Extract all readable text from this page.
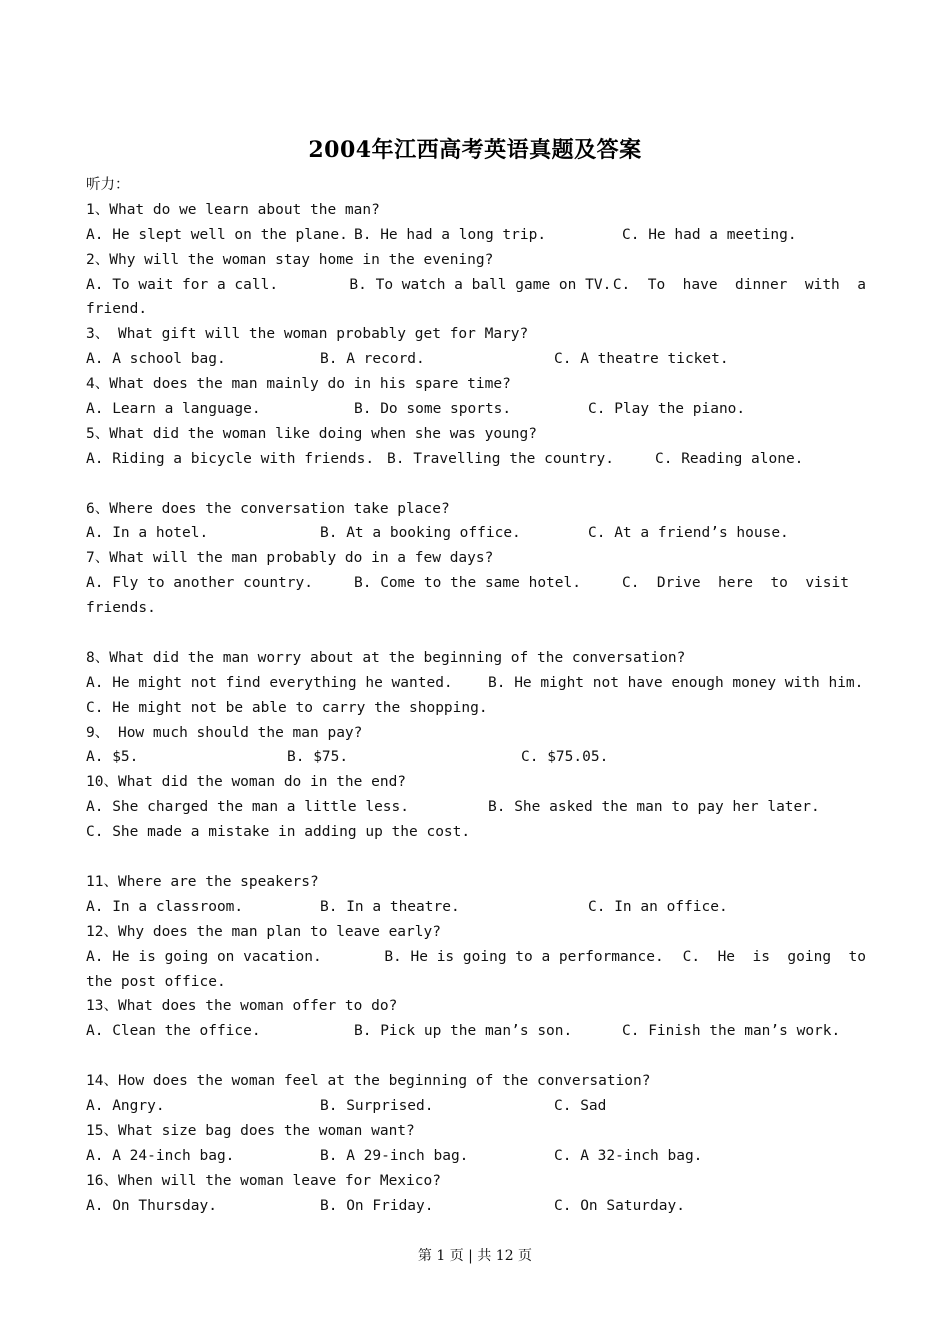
2004年江西高考英语真题及答案
听力：
1、What do we learn about the man?
A. He slept well on the plane. B. He had a long trip.	C. He had a meeting.
2、Why will the woman stay home in the evening?
A. To wait for a call.	B. To watch a ball game on TV. C.  To  have  dinner  with  a
friend.
3、 What gift will the woman probably get for Mary?
A. A school bag.	B. A record.	C. A theatre ticket.
4、What does the man mainly do in his spare time?
A. Learn a language.	B. Do some sports.	C. Play the piano.
5、What did the woman like doing when she was young?
A. Riding a bicycle with friends. B. Travelling the country.	C. Reading alone.
6、Where does the conversation take place?
A. In a hotel.	B. At a booking office.	C. At a friend’s house.
7、What will the man probably do in a few days?
A. Fly to another country.	B. Come to the same hotel.	C.  Drive  here  to  visit
friends.
8、What did the man worry about at the beginning of the conversation?
A. He might not find everything he wanted.	B. He might not have enough money with him.
C. He might not be able to carry the shopping.
9、 How much should the man pay?
A. $5.	B. $75.	C. $75.05.
10、What did the woman do in the end?
A. She charged the man a little less.	B. She asked the man to pay her later.
C. She made a mistake in adding up the cost.
11、Where are the speakers?
A. In a classroom.	B. In a theatre.	C. In an office.
12、Why does the man plan to leave early?
A. He is going on vacation.	B. He is going to a performance.	C.  He  is  going  to
the post office.
13、What does the woman offer to do?
A. Clean the office.	B. Pick up the man’s son.	C. Finish the man’s work.
14、How does the woman feel at the beginning of the conversation?
A. Angry.	B. Surprised.	C. Sad
15、What size bag does the woman want?
A. A 24-inch bag.	B. A 29-inch bag.	C. A 32-inch bag.
16、When will the woman leave for Mexico?
A. On Thursday.	B. On Friday.	C. On Saturday.
第 1 页 | 共 12 页
